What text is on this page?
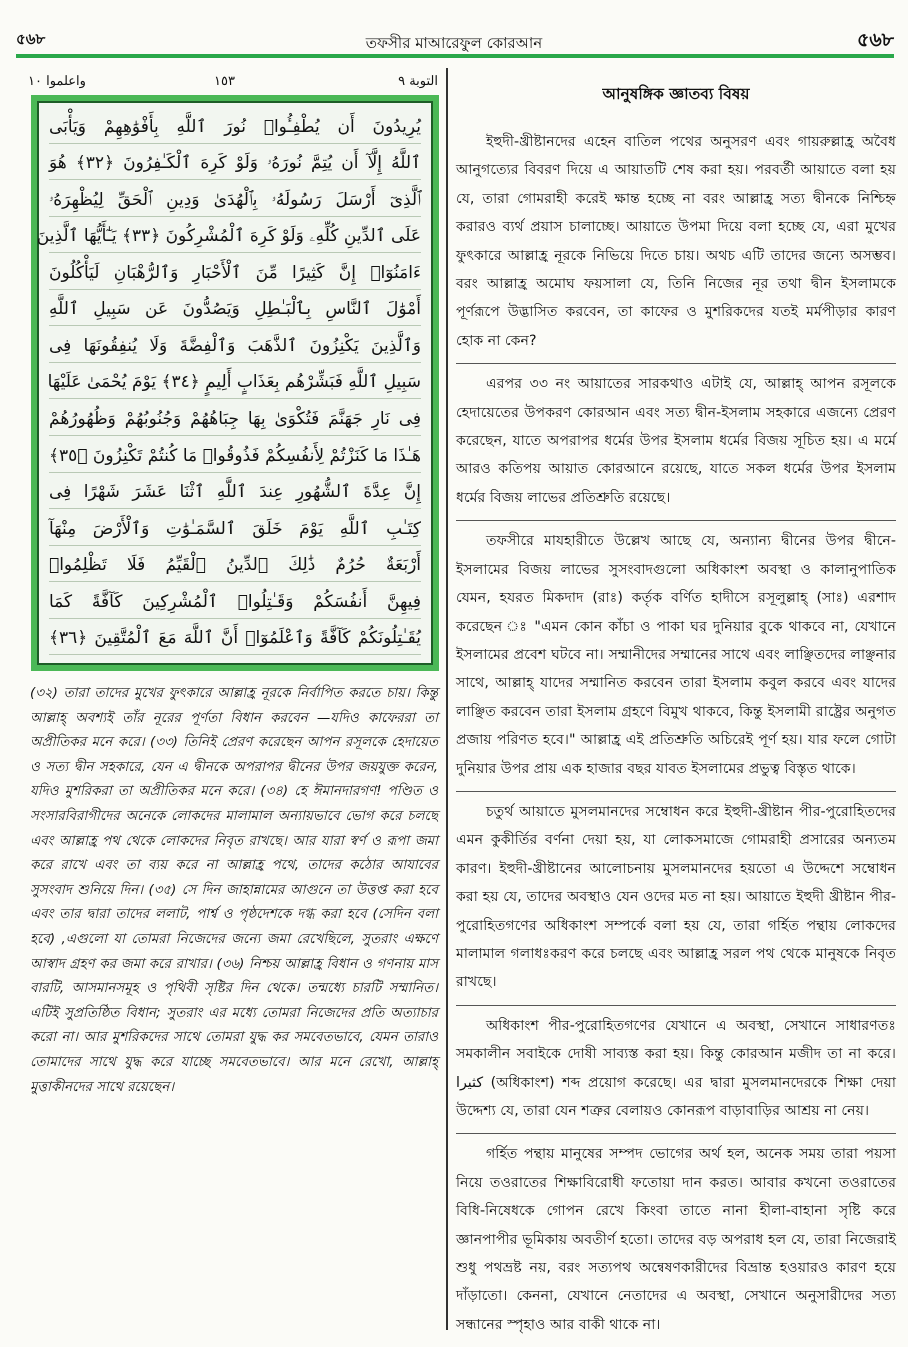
৫৬৮	তফসীর মাআরেফুল কোরআন	৫৬৮
واعلموا ١٠	١٥٣	التوبة ٩
يُرِيدُونَ أَن يُطْفِـُٔوا۟ نُورَ ٱللَّهِ بِأَفْوَٰهِهِمْ وَيَأْبَى
ٱللَّهُ إِلَّآ أَن يُتِمَّ نُورَهُۥ وَلَوْ كَرِهَ ٱلْكَـٰفِرُونَ ﴿٣٢﴾ هُوَ
ٱلَّذِىٓ أَرْسَلَ رَسُولَهُۥ بِٱلْهُدَىٰ وَدِينِ ٱلْحَقِّ لِيُظْهِرَهُۥ
عَلَى ٱلدِّينِ كُلِّهِۦ وَلَوْ كَرِهَ ٱلْمُشْرِكُونَ ﴿٣٣﴾ يَـٰٓأَيُّهَا ٱلَّذِينَ
ءَامَنُوٓا۟ إِنَّ كَثِيرًا مِّنَ ٱلْأَحْبَارِ وَٱلرُّهْبَانِ لَيَأْكُلُونَ
أَمْوَٰلَ ٱلنَّاسِ بِٱلْبَـٰطِلِ وَيَصُدُّونَ عَن سَبِيلِ ٱللَّهِ
وَٱلَّذِينَ يَكْنِزُونَ ٱلذَّهَبَ وَٱلْفِضَّةَ وَلَا يُنفِقُونَهَا فِى
سَبِيلِ ٱللَّهِ فَبَشِّرْهُم بِعَذَابٍ أَلِيمٍ ﴿٣٤﴾ يَوْمَ يُحْمَىٰ عَلَيْهَا
فِى نَارِ جَهَنَّمَ فَتُكْوَىٰ بِهَا جِبَاهُهُمْ وَجُنُوبُهُمْ وَظُهُورُهُمْ
هَـٰذَا مَا كَنَزْتُمْ لِأَنفُسِكُمْ فَذُوقُوا۟ مَا كُنتُمْ تَكْنِزُونَ ﴿٣٥﴾
إِنَّ عِدَّةَ ٱلشُّهُورِ عِندَ ٱللَّهِ ٱثْنَا عَشَرَ شَهْرًا فِى
كِتَـٰبِ ٱللَّهِ يَوْمَ خَلَقَ ٱلسَّمَـٰوَٰتِ وَٱلْأَرْضَ مِنْهَآ
أَرْبَعَةٌ حُرُمٌ ذَٰلِكَ ٱلدِّينُ ٱلْقَيِّمُ فَلَا تَظْلِمُوا۟
فِيهِنَّ أَنفُسَكُمْ وَقَـٰتِلُوا۟ ٱلْمُشْرِكِينَ كَآفَّةً كَمَا
يُقَـٰتِلُونَكُمْ كَآفَّةً وَٱعْلَمُوٓا۟ أَنَّ ٱللَّهَ مَعَ ٱلْمُتَّقِينَ ﴿٣٦﴾
(৩২) তারা তাদের মুখের ফুৎকারে আল্লাহ্র নূরকে নির্বাপিত করতে চায়। কিন্তু আল্লাহ্ অবশ্যই তাঁর নূরের পূর্ণতা বিধান করবেন —যদিও কাফেররা তা অপ্রীতিকর মনে করে। (৩৩) তিনিই প্রেরণ করেছেন আপন রসূলকে হেদায়েত ও সত্য দ্বীন সহকারে, যেন এ দ্বীনকে অপরাপর দ্বীনের উপর জয়যুক্ত করেন, যদিও মুশরিকরা তা অপ্রীতিকর মনে করে। (৩৪) হে ঈমানদারগণ! পণ্ডিত ও সংসারবিরাগীদের অনেকে লোকদের মালামাল অন্যায়ভাবে ভোগ করে চলছে এবং আল্লাহ্র পথ থেকে লোকদের নিবৃত রাখছে। আর যারা স্বর্ণ ও রূপা জমা করে রাখে এবং তা ব্যয় করে না আল্লাহ্র পথে, তাদের কঠোর আযাবের সুসংবাদ শুনিয়ে দিন। (৩৫) সে দিন জাহান্নামের আগুনে তা উত্তপ্ত করা হবে এবং তার দ্বারা তাদের ললাট, পার্শ্ব ও পৃষ্ঠদেশকে দগ্ধ করা হবে (সেদিন বলা হবে) ,এগুলো যা তোমরা নিজেদের জন্যে জমা রেখেছিলে, সুতরাং এক্ষণে আস্বাদ গ্রহণ কর জমা করে রাখার। (৩৬) নিশ্চয় আল্লাহ্র বিধান ও গণনায় মাস বারটি, আসমানসমূহ ও পৃথিবী সৃষ্টির দিন থেকে। তন্মধ্যে চারটি সম্মানিত। এটিই সুপ্রতিষ্ঠিত বিধান; সুতরাং এর মধ্যে তোমরা নিজেদের প্রতি অত্যাচার করো না। আর মুশরিকদের সাথে তোমরা যুদ্ধ কর সমবেতভাবে, যেমন তারাও তোমাদের সাথে যুদ্ধ করে যাচ্ছে সমবেতভাবে। আর মনে রেখো, আল্লাহ্ মুত্তাকীনদের সাথে রয়েছেন।
আনুষঙ্গিক জ্ঞাতব্য বিষয়

ইহুদী-খ্রীষ্টানদের এহেন বাতিল পথের অনুসরণ এবং গায়রুল্লাহ্র অবৈধ আনুগত্যের বিবরণ দিয়ে এ আয়াতটি শেষ করা হয়। পরবর্তী আয়াতে বলা হয় যে, তারা গোমরাহী করেই ক্ষান্ত হচ্ছে না বরং আল্লাহ্র সত্য দ্বীনকে নিশ্চিহ্ন করারও ব্যর্থ প্রয়াস চালাচ্ছে। আয়াতে উপমা দিয়ে বলা হচ্ছে যে, এরা মুখের ফুৎকারে আল্লাহ্র নূরকে নিভিয়ে দিতে চায়। অথচ এটি তাদের জন্যে অসম্ভব। বরং আল্লাহ্র অমোঘ ফয়সালা যে, তিনি নিজের নূর তথা দ্বীন ইসলামকে পূর্ণরূপে উদ্ভাসিত করবেন, তা কাফের ও মুশরিকদের যতই মর্মপীড়ার কারণ হোক না কেন?

এরপর ৩৩ নং আয়াতের সারকথাও এটাই যে, আল্লাহ্ আপন রসূলকে হেদায়েতের উপকরণ কোরআন এবং সত্য দ্বীন-ইসলাম সহকারে এজন্যে প্রেরণ করেছেন, যাতে অপরাপর ধর্মের উপর ইসলাম ধর্মের বিজয় সূচিত হয়। এ মর্মে আরও কতিপয় আয়াত কোরআনে রয়েছে, যাতে সকল ধর্মের উপর ইসলাম ধর্মের বিজয় লাভের প্রতিশ্রুতি রয়েছে।

তফসীরে মাযহারীতে উল্লেখ আছে যে, অন্যান্য দ্বীনের উপর দ্বীনে-ইসলামের বিজয় লাভের সুসংবাদগুলো অধিকাংশ অবস্থা ও কালানুপাতিক যেমন, হযরত মিকদাদ (রাঃ) কর্তৃক বর্ণিত হাদীসে রসূলুল্লাহ্ (সাঃ) এরশাদ করেছেন ঃ "এমন কোন কাঁচা ও পাকা ঘর দুনিয়ার বুকে থাকবে না, যেখানে ইসলামের প্রবেশ ঘটবে না। সম্মানীদের সম্মানের সাথে এবং লাঞ্ছিতদের লাঞ্ছনার সাথে, আল্লাহ্ যাদের সম্মানিত করবেন তারা ইসলাম কবুল করবে এবং যাদের লাঞ্ছিত করবেন তারা ইসলাম গ্রহণে বিমুখ থাকবে, কিন্তু ইসলামী রাষ্ট্রের অনুগত প্রজায় পরিণত হবে।" আল্লাহ্র এই প্রতিশ্রুতি অচিরেই পূর্ণ হয়। যার ফলে গোটা দুনিয়ার উপর প্রায় এক হাজার বছর যাবত ইসলামের প্রভুত্ব বিস্তৃত থাকে।

চতুর্থ আয়াতে মুসলমানদের সম্বোধন করে ইহুদী-খ্রীষ্টান পীর-পুরোহিতদের এমন কুকীর্তির বর্ণনা দেয়া হয়, যা লোকসমাজে গোমরাহী প্রসারের অন্যতম কারণ। ইহুদী-খ্রীষ্টানের আলোচনায় মুসলমানদের হয়তো এ উদ্দেশে সম্বোধন করা হয় যে, তাদের অবস্থাও যেন ওদের মত না হয়। আয়াতে ইহুদী খ্রীষ্টান পীর-পুরোহিতগণের অধিকাংশ সম্পর্কে বলা হয় যে, তারা গর্হিত পন্থায় লোকদের মালামাল গলাধঃকরণ করে চলছে এবং আল্লাহ্র সরল পথ থেকে মানুষকে নিবৃত রাখছে।

অধিকাংশ পীর-পুরোহিতগণের যেখানে এ অবস্থা, সেখানে সাধারণতঃ সমকালীন সবাইকে দোষী সাব্যস্ত করা হয়। কিন্তু কোরআন মজীদ তা না করে। كثيرا (অধিকাংশ) শব্দ প্রয়োগ করেছে। এর দ্বারা মুসলমানদেরকে শিক্ষা দেয়া উদ্দেশ্য যে, তারা যেন শত্রুর বেলায়ও কোনরূপ বাড়াবাড়ির আশ্রয় না নেয়।

গর্হিত পন্থায় মানুষের সম্পদ ভোগের অর্থ হল, অনেক সময় তারা পয়সা নিয়ে তওরাতের শিক্ষাবিরোধী ফতোয়া দান করত। আবার কখনো তওরাতের বিধি-নিষেধকে গোপন রেখে কিংবা তাতে নানা হীলা-বাহানা সৃষ্টি করে জ্ঞানপাপীর ভূমিকায় অবতীর্ণ হতো। তাদের বড় অপরাধ হল যে, তারা নিজেরাই শুধু পথভ্রষ্ট নয়, বরং সত্যপথ অন্বেষণকারীদের বিভ্রান্ত হওয়ারও কারণ হয়ে দাঁড়াতো। কেননা, যেখানে নেতাদের এ অবস্থা, সেখানে অনুসারীদের সত্য সন্ধানের স্পৃহাও আর বাকী থাকে না।
